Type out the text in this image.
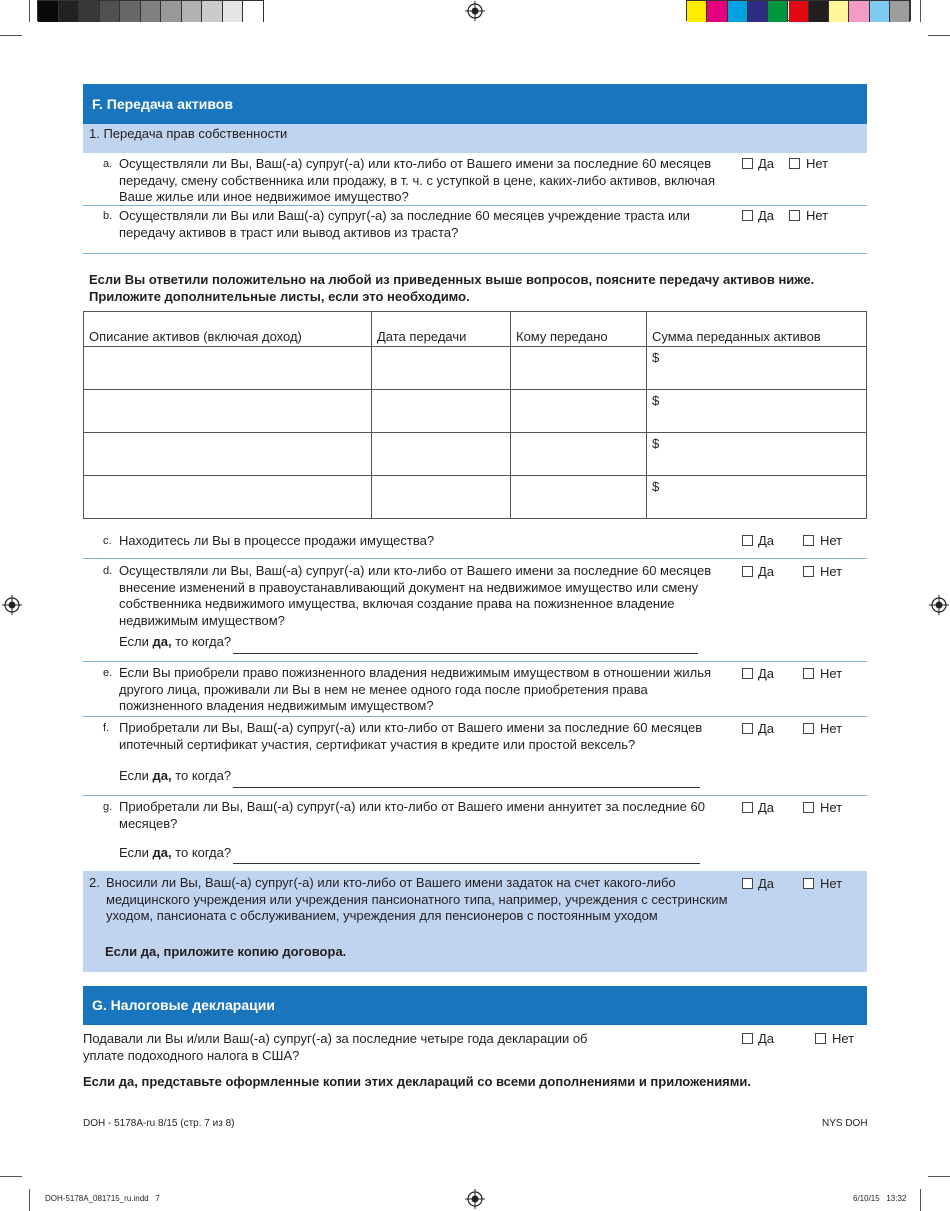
F. Передача активов
1. Передача прав собственности
a. Осуществляли ли Вы, Ваш(-а) супруг(-а) или кто-либо от Вашего имени за последние 60 месяцев передачу, смену собственника или продажу, в т. ч. с уступкой в цене, каких-либо активов, включая Ваше жилье или иное недвижимое имущество?
Да Нет
b. Осуществляли ли Вы или Ваш(-а) супруг(-а) за последние 60 месяцев учреждение траста или передачу активов в траст или вывод активов из траста?
Да Нет
Если Вы ответили положительно на любой из приведенных выше вопросов, поясните передачу активов ниже. Приложите дополнительные листы, если это необходимо.
Описание активов (включая доход)	Дата передачи	Кому передано	Сумма переданных активов
			$
			$
			$
			$
c. Находитесь ли Вы в процессе продажи имущества?	Да	Нет
d. Осуществляли ли Вы, Ваш(-а) супруг(-а) или кто-либо от Вашего имени за последние 60 месяцев внесение изменений в правоустанавливающий документ на недвижимое имущество или смену собственника недвижимого имущества, включая создание права на пожизненное владение недвижимым имуществом?
Да	Нет
Если да, то когда?
e. Если Вы приобрели право пожизненного владения недвижимым имуществом в отношении жилья другого лица, проживали ли Вы в нем не менее одного года после приобретения права пожизненного владения недвижимым имуществом?
Да	Нет
f. Приобретали ли Вы, Ваш(-а) супруг(-а) или кто-либо от Вашего имени за последние 60 месяцев ипотечный сертификат участия, сертификат участия в кредите или простой вексель?
Да	Нет
Если да, то когда?
g. Приобретали ли Вы, Ваш(-а) супруг(-а) или кто-либо от Вашего имени аннуитет за последние 60 месяцев?
Да	Нет
Если да, то когда?
2. Вносили ли Вы, Ваш(-а) супруг(-а) или кто-либо от Вашего имени задаток на счет какого-либо медицинского учреждения или учреждения пансионатного типа, например, учреждения с сестринским уходом, пансионата с обслуживанием, учреждения для пенсионеров с постоянным уходом
Да	Нет
Если да, приложите копию договора.
G. Налоговые декларации
Подавали ли Вы и/или Ваш(-а) супруг(-а) за последние четыре года декларации об уплате подоходного налога в США?
Да	Нет
Если да, представьте оформленные копии этих деклараций со всеми дополнениями и приложениями.
DOH - 5178A-ru 8/15 (стр. 7 из 8)	NYS DOH
DOH-5178A_081715_ru.indd   7	6/10/15   13:32
